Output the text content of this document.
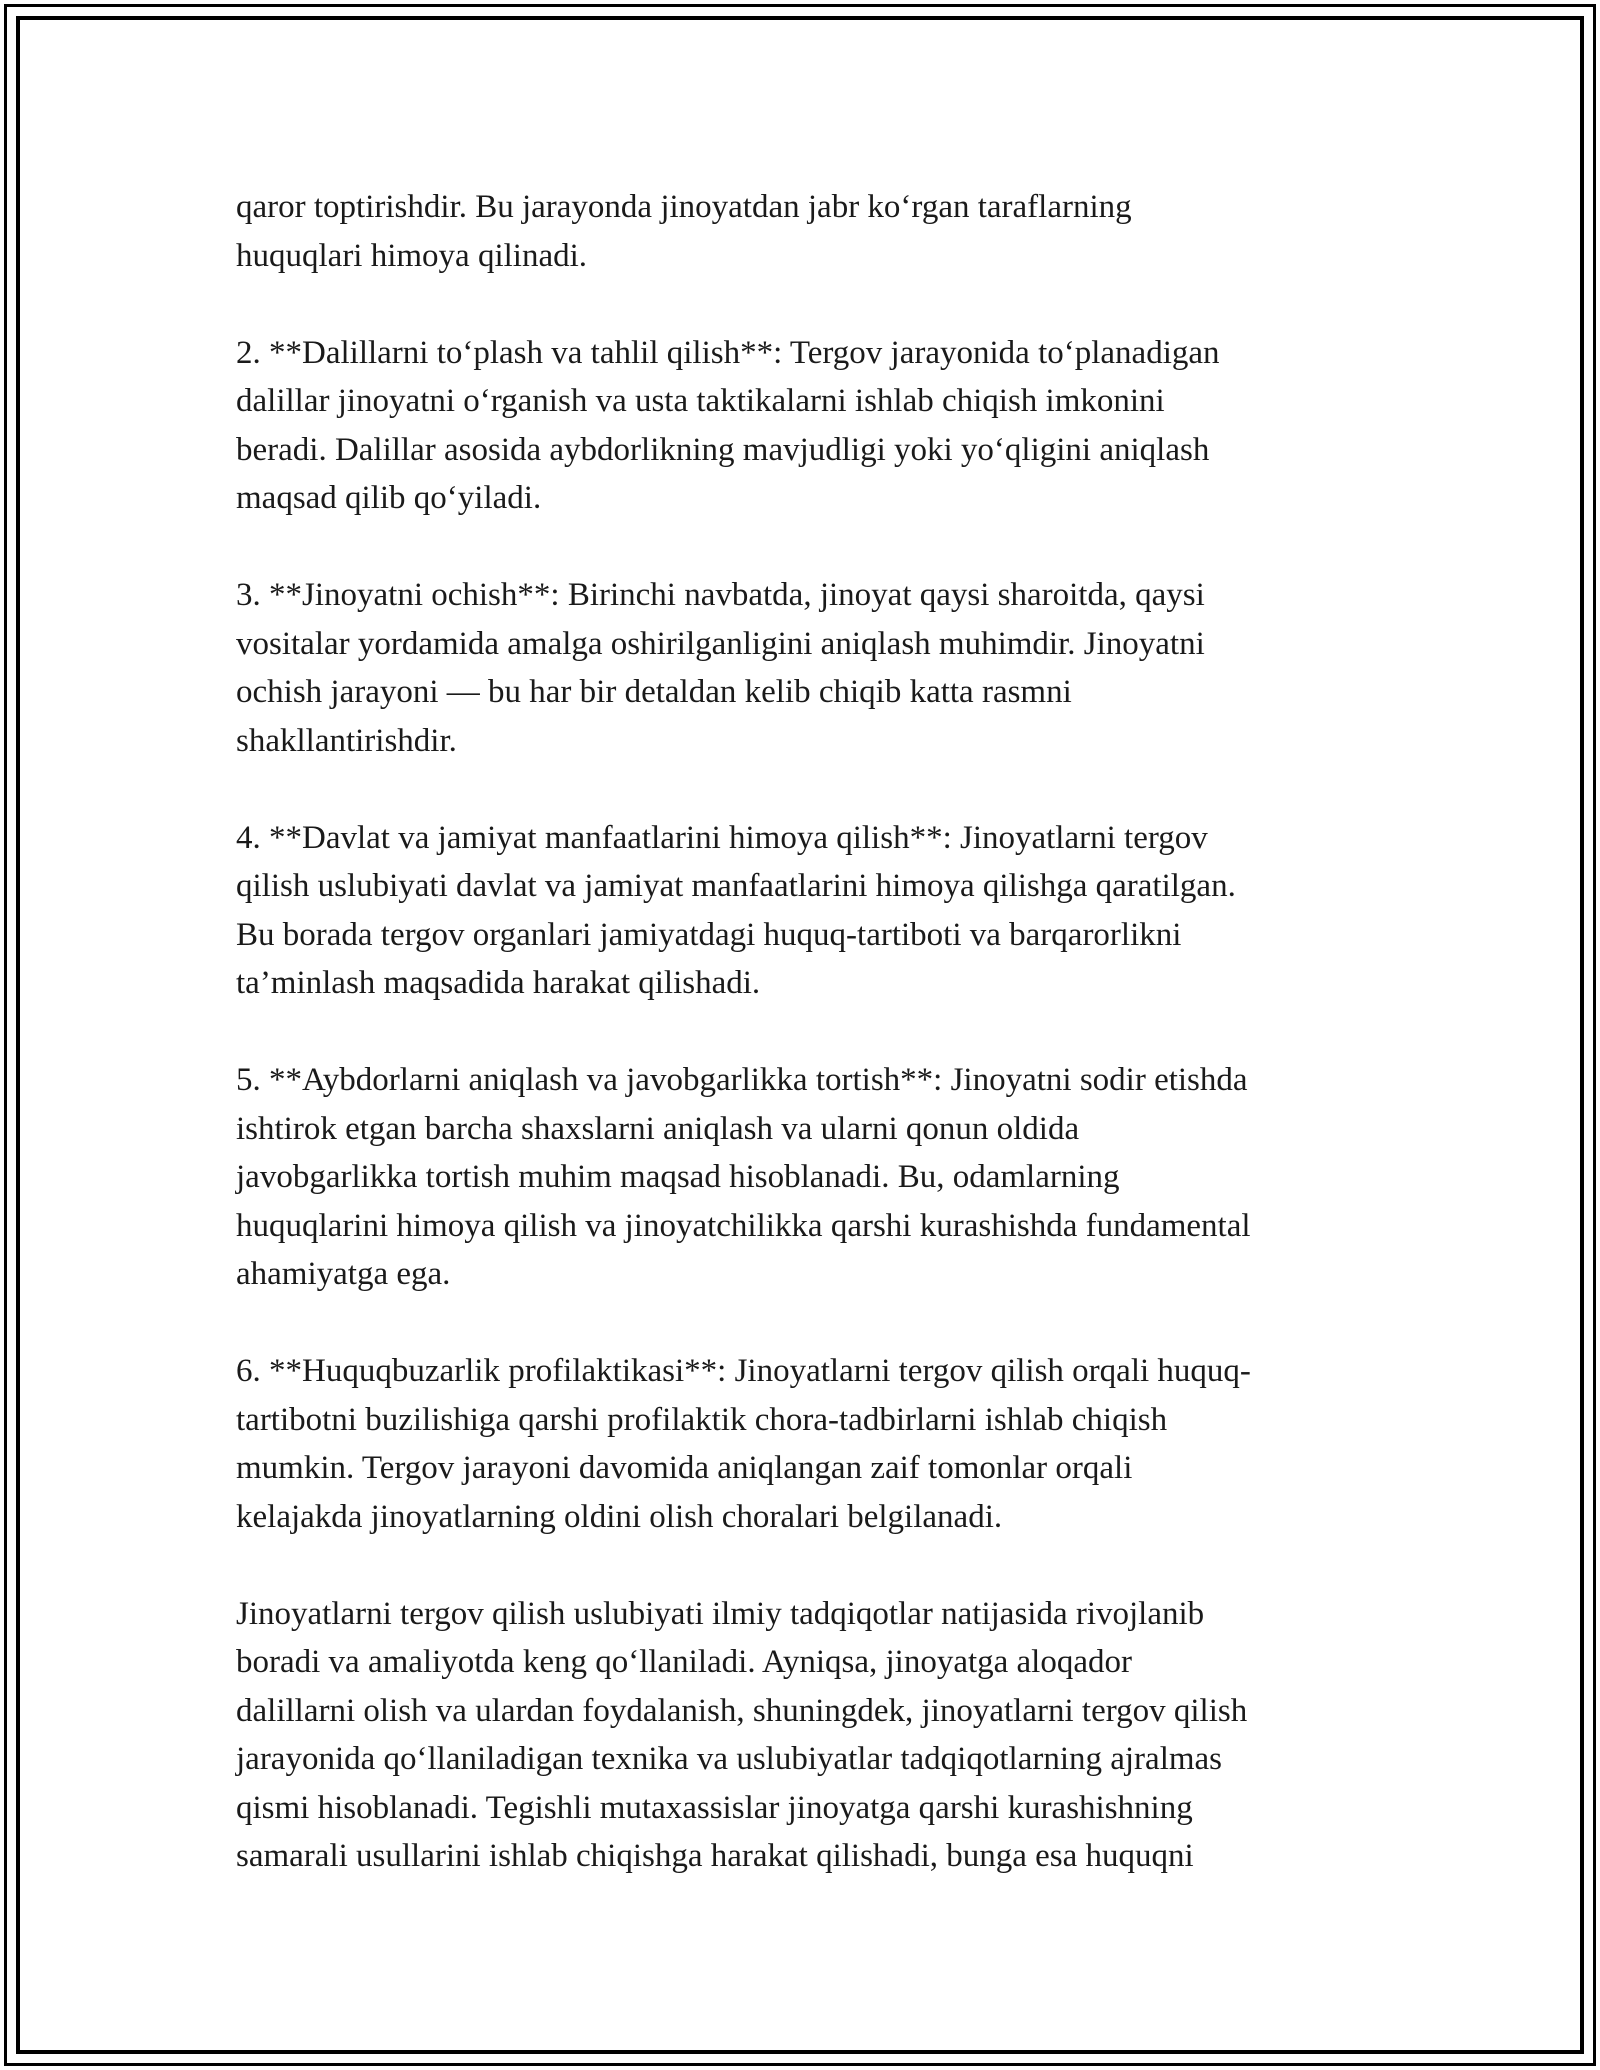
qaror toptirishdir. Bu jarayonda jinoyatdan jabr koʻrgan taraflarning
huquqlari himoya qilinadi.

2. **Dalillarni toʻplash va tahlil qilish**: Tergov jarayonida toʻplanadigan
dalillar jinoyatni oʻrganish va usta taktikalarni ishlab chiqish imkonini
beradi. Dalillar asosida aybdorlikning mavjudligi yoki yoʻqligini aniqlash
maqsad qilib qoʻyiladi.

3. **Jinoyatni ochish**: Birinchi navbatda, jinoyat qaysi sharoitda, qaysi
vositalar yordamida amalga oshirilganligini aniqlash muhimdir. Jinoyatni
ochish jarayoni — bu har bir detaldan kelib chiqib katta rasmni
shakllantirishdir.

4. **Davlat va jamiyat manfaatlarini himoya qilish**: Jinoyatlarni tergov
qilish uslubiyati davlat va jamiyat manfaatlarini himoya qilishga qaratilgan.
Bu borada tergov organlari jamiyatdagi huquq-tartiboti va barqarorlikni
ta’minlash maqsadida harakat qilishadi.

5. **Aybdorlarni aniqlash va javobgarlikka tortish**: Jinoyatni sodir etishda
ishtirok etgan barcha shaxslarni aniqlash va ularni qonun oldida
javobgarlikka tortish muhim maqsad hisoblanadi. Bu, odamlarning
huquqlarini himoya qilish va jinoyatchilikka qarshi kurashishda fundamental
ahamiyatga ega.

6. **Huquqbuzarlik profilaktikasi**: Jinoyatlarni tergov qilish orqali huquq-
tartibotni buzilishiga qarshi profilaktik chora-tadbirlarni ishlab chiqish
mumkin. Tergov jarayoni davomida aniqlangan zaif tomonlar orqali
kelajakda jinoyatlarning oldini olish choralari belgilanadi.

Jinoyatlarni tergov qilish uslubiyati ilmiy tadqiqotlar natijasida rivojlanib
boradi va amaliyotda keng qoʻllaniladi. Ayniqsa, jinoyatga aloqador
dalillarni olish va ulardan foydalanish, shuningdek, jinoyatlarni tergov qilish
jarayonida qoʻllaniladigan texnika va uslubiyatlar tadqiqotlarning ajralmas
qismi hisoblanadi. Tegishli mutaxassislar jinoyatga qarshi kurashishning
samarali usullarini ishlab chiqishga harakat qilishadi, bunga esa huquqni
